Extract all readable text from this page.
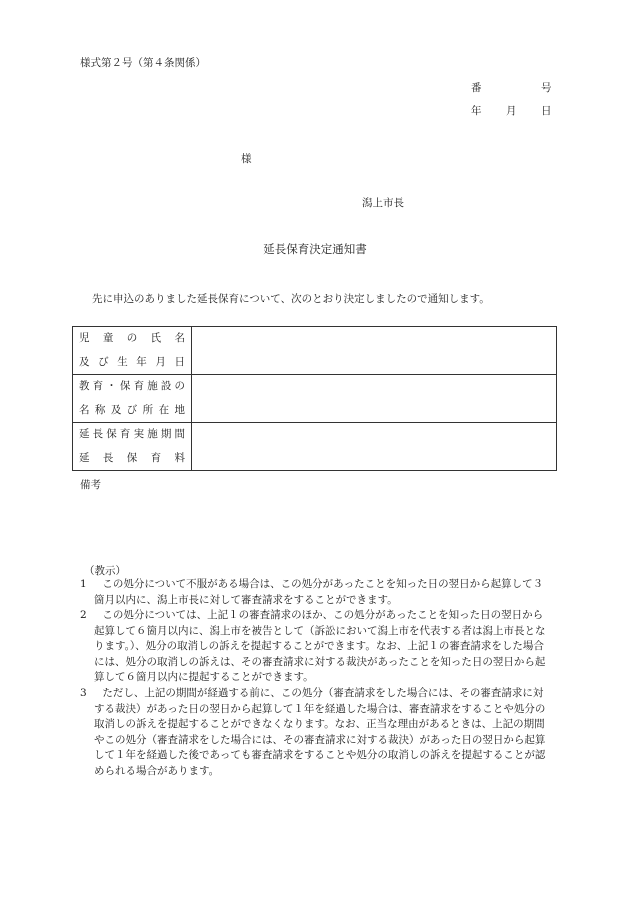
様式第２号（第４条関係）
番	号
年 月 日
様
潟上市長
延長保育決定通知書
先に申込のありました延長保育について、次のとおり決定しましたので通知します。
児童の氏名
及び生年月日	

教育・保育施設の
名称及び所在地	

延長保育実施期間
延長保育料	

備考
（教示）
1	この処分について不服がある場合は、この処分があったことを知った日の翌日から起算して３箇月以内に、潟上市長に対して審査請求をすることができます。
2	この処分については、上記１の審査請求のほか、この処分があったことを知った日の翌日から起算して６箇月以内に、潟上市を被告として（訴訟において潟上市を代表する者は潟上市長となります。）、処分の取消しの訴えを提起することができます。なお、上記１の審査請求をした場合には、処分の取消しの訴えは、その審査請求に対する裁決があったことを知った日の翌日から起算して６箇月以内に提起することができます。
3	ただし、上記の期間が経過する前に、この処分（審査請求をした場合には、その審査請求に対する裁決）があった日の翌日から起算して１年を経過した場合は、審査請求をすることや処分の取消しの訴えを提起することができなくなります。なお、正当な理由があるときは、上記の期間やこの処分（審査請求をした場合には、その審査請求に対する裁決）があった日の翌日から起算して１年を経過した後であっても審査請求をすることや処分の取消しの訴えを提起することが認められる場合があります。
